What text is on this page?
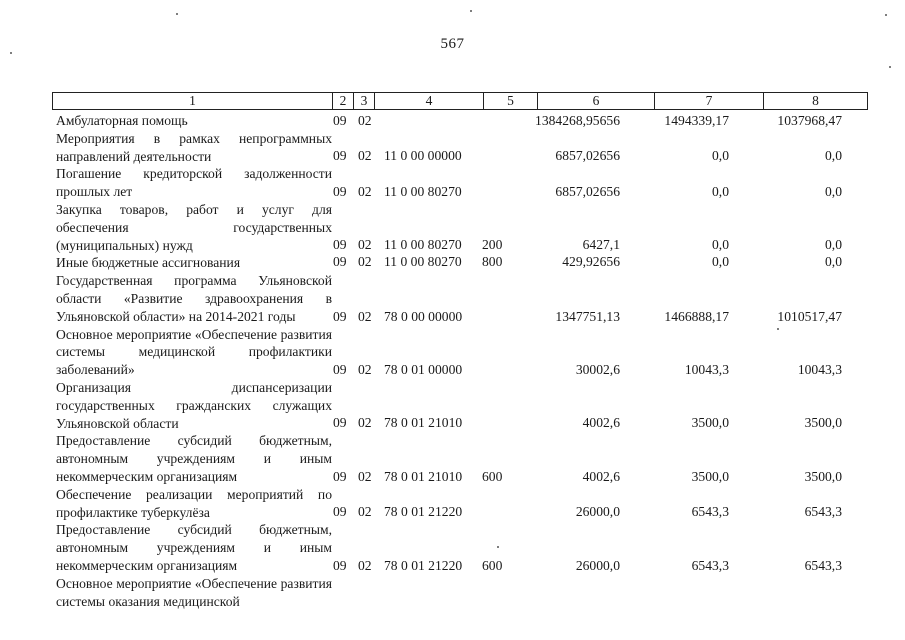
567
1	2	3	4	5	6	7	8
Амбулаторная помощь	09 02	1384268,95656	1494339,17	1037968,47
Мероприятия в рамках непрограммных направлений деятельности	09 02 11 0 00 00000	6857,02656	0,0	0,0
Погашение кредиторской задолженности прошлых лет	09 02 11 0 00 80270	6857,02656	0,0	0,0
Закупка товаров, работ и услуг для обеспечения государственных (муниципальных) нужд	09 02 11 0 00 80270 200	6427,1	0,0	0,0
Иные бюджетные ассигнования	09 02 11 0 00 80270 800	429,92656	0,0	0,0
Государственная программа Ульяновской области «Развитие здравоохранения в Ульяновской области» на 2014-2021 годы	09 02 78 0 00 00000	1347751,13	1466888,17	1010517,47
Основное мероприятие «Обеспечение развития системы медицинской профилактики заболеваний»	09 02 78 0 01 00000	30002,6	10043,3	10043,3
Организация диспансеризации государственных гражданских служащих Ульяновской области	09 02 78 0 01 21010	4002,6	3500,0	3500,0
Предоставление субсидий бюджетным, автономным учреждениям и иным некоммерческим организациям	09 02 78 0 01 21010 600	4002,6	3500,0	3500,0
Обеспечение реализации мероприятий по профилактике туберкулёза	09 02 78 0 01 21220	26000,0	6543,3	6543,3
Предоставление субсидий бюджетным, автономным учреждениям и иным некоммерческим организациям	09 02 78 0 01 21220 600	26000,0	6543,3	6543,3
Основное мероприятие «Обеспечение развития системы оказания медицинской
